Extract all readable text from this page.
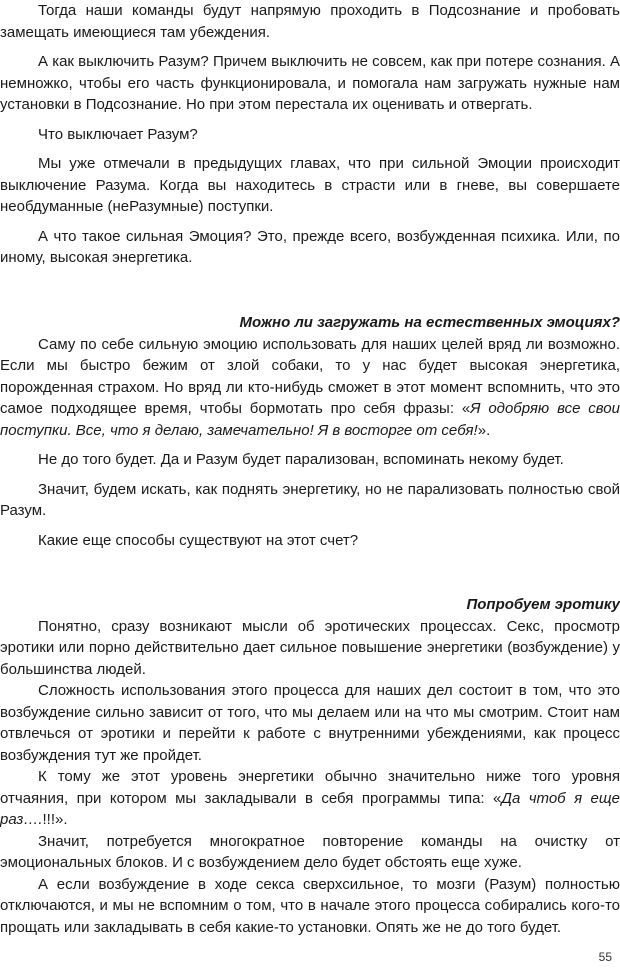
Тогда наши команды будут напрямую проходить в Подсознание и пробовать замещать имеющиеся там убеждения.

А как выключить Разум? Причем выключить не совсем, как при потере сознания. А немножко, чтобы его часть функционировала, и помогала нам загружать нужные нам установки в Подсознание. Но при этом перестала их оценивать и отвергать.

Что выключает Разум?

Мы уже отмечали в предыдущих главах, что при сильной Эмоции происходит выключение Разума. Когда вы находитесь в страсти или в гневе, вы совершаете необдуманные (неРазумные) поступки.

А что такое сильная Эмоция? Это, прежде всего, возбужденная психика. Или, по иному, высокая энергетика.

Можно ли загружать на естественных эмоциях?

Саму по себе сильную эмоцию использовать для наших целей вряд ли возможно. Если мы быстро бежим от злой собаки, то у нас будет высокая энергетика, порожденная страхом. Но вряд ли кто-нибудь сможет в этот момент вспомнить, что это самое подходящее время, чтобы бормотать про себя фразы: «Я одобряю все свои поступки. Все, что я делаю, замечательно! Я в восторге от себя!».

Не до того будет. Да и Разум будет парализован, вспоминать некому будет.

Значит, будем искать, как поднять энергетику, но не парализовать полностью свой Разум.

Какие еще способы существуют на этот счет?

Попробуем эротику

Понятно, сразу возникают мысли об эротических процессах. Секс, просмотр эротики или порно действительно дает сильное повышение энергетики (возбуждение) у большинства людей.

Сложность использования этого процесса для наших дел состоит в том, что это возбуждение сильно зависит от того, что мы делаем или на что мы смотрим. Стоит нам отвлечься от эротики и перейти к работе с внутренними убеждениями, как процесс возбуждения тут же пройдет.

К тому же этот уровень энергетики обычно значительно ниже того уровня отчаяния, при котором мы закладывали в себя программы типа: «Да чтоб я еще раз….!!!».

Значит, потребуется многократное повторение команды на очистку от эмоциональных блоков. И с возбуждением дело будет обстоять еще хуже.

А если возбуждение в ходе секса сверхсильное, то мозги (Разум) полностью отключаются, и мы не вспомним о том, что в начале этого процесса собирались кого-то прощать или закладывать в себя какие-то установки. Опять же не до того будет.

55
